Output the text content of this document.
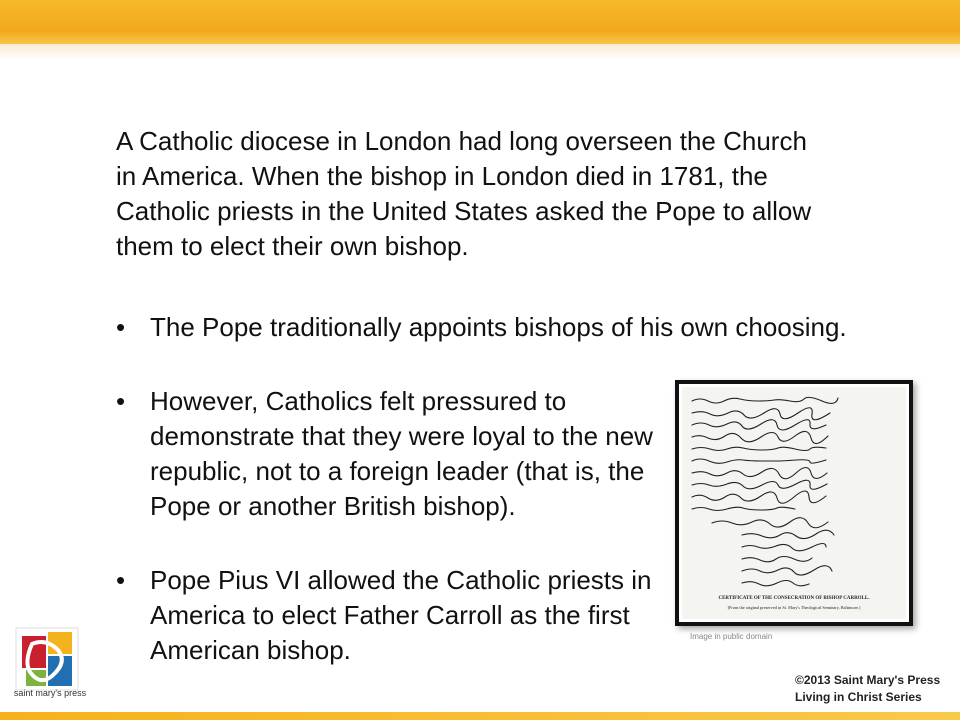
A Catholic diocese in London had long overseen the Church in America. When the bishop in London died in 1781, the Catholic priests in the United States asked the Pope to allow them to elect their own bishop.

• The Pope traditionally appoints bishops of his own choosing.
• However, Catholics felt pressured to demonstrate that they were loyal to the new republic, not to a foreign leader (that is, the Pope or another British bishop).
• Pope Pius VI allowed the Catholic priests in America to elect Father Carroll as the first American bishop.
CERTIFICATE OF THE CONSECRATION OF BISHOP CARROLL.
[From the original preserved in St. Mary's Theological Seminary, Baltimore.]
Image in public domain
saint mary's press
©2013 Saint Mary's Press
Living in Christ Series
